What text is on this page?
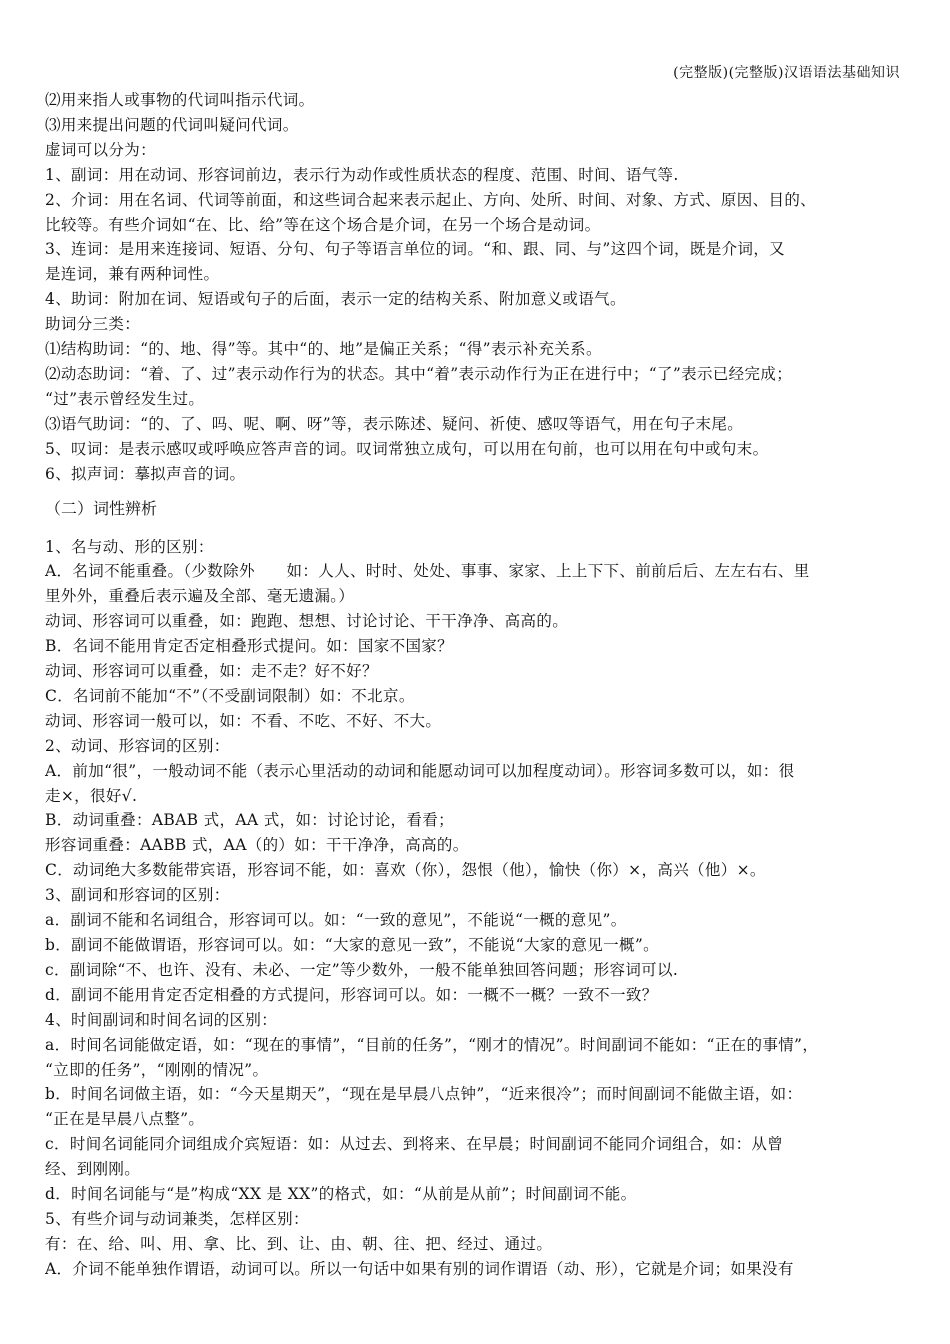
(完整版)(完整版)汉语语法基础知识
⑵用来指人或事物的代词叫指示代词。
⑶用来提出问题的代词叫疑问代词。
虚词可以分为：
1、副词：用在动词、形容词前边，表示行为动作或性质状态的程度、范围、时间、语气等.
2、介词：用在名词、代词等前面，和这些词合起来表示起止、方向、处所、时间、对象、方式、原因、目的、
比较等。有些介词如“在、比、给”等在这个场合是介词，在另一个场合是动词。
3、连词：是用来连接词、短语、分句、句子等语言单位的词。“和、跟、同、与”这四个词，既是介词，又
是连词，兼有两种词性。
4、助词：附加在词、短语或句子的后面，表示一定的结构关系、附加意义或语气。
助词分三类：
⑴结构助词：“的、地、得”等。其中“的、地”是偏正关系；“得”表示补充关系。
⑵动态助词：“着、了、过”表示动作行为的状态。其中“着”表示动作行为正在进行中；“了”表示已经完成；
“过”表示曾经发生过。
⑶语气助词：“的、了、吗、呢、啊、呀”等，表示陈述、疑问、祈使、感叹等语气，用在句子末尾。
5、叹词：是表示感叹或呼唤应答声音的词。叹词常独立成句，可以用在句前，也可以用在句中或句末。
6、拟声词：摹拟声音的词。
（二）词性辨析
1、名与动、形的区别：
A．名词不能重叠。（少数除外　　如：人人、时时、处处、事事、家家、上上下下、前前后后、左左右右、里
里外外，重叠后表示遍及全部、毫无遗漏。）
动词、形容词可以重叠，如：跑跑、想想、讨论讨论、干干净净、高高的。
B．名词不能用肯定否定相叠形式提问。如：国家不国家？
动词、形容词可以重叠，如：走不走？好不好？
C．名词前不能加“不”（不受副词限制）如：不北京。
动词、形容词一般可以，如：不看、不吃、不好、不大。
2、动词、形容词的区别：
A．前加“很”，一般动词不能（表示心里活动的动词和能愿动词可以加程度动词）。形容词多数可以，如：很
走×，很好√.
B．动词重叠：ABAB 式，AA 式，如：讨论讨论，看看；
形容词重叠：AABB 式，AA（的）如：干干净净，高高的。
C．动词绝大多数能带宾语，形容词不能，如：喜欢（你），怨恨（他），愉快（你）×，高兴（他）×。
3、副词和形容词的区别：
a．副词不能和名词组合，形容词可以。如：“一致的意见”，不能说“一概的意见”。
b．副词不能做谓语，形容词可以。如：“大家的意见一致”，不能说“大家的意见一概”。
c．副词除“不、也许、没有、未必、一定”等少数外，一般不能单独回答问题；形容词可以.
d．副词不能用肯定否定相叠的方式提问，形容词可以。如：一概不一概？一致不一致？
4、时间副词和时间名词的区别：
a．时间名词能做定语，如：“现在的事情”，“目前的任务”，“刚才的情况”。时间副词不能如：“正在的事情”，
“立即的任务”，“刚刚的情况”。
b．时间名词做主语，如：“今天星期天”，“现在是早晨八点钟”，“近来很冷”；而时间副词不能做主语，如：
“正在是早晨八点整”。
c．时间名词能同介词组成介宾短语：如：从过去、到将来、在早晨；时间副词不能同介词组合，如：从曾
经、到刚刚。
d．时间名词能与“是”构成“XX 是 XX”的格式，如：“从前是从前”；时间副词不能。
5、有些介词与动词兼类，怎样区别：
有：在、给、叫、用、拿、比、到、让、由、朝、往、把、经过、通过。
A．介词不能单独作谓语，动词可以。所以一句话中如果有别的词作谓语（动、形），它就是介词；如果没有
